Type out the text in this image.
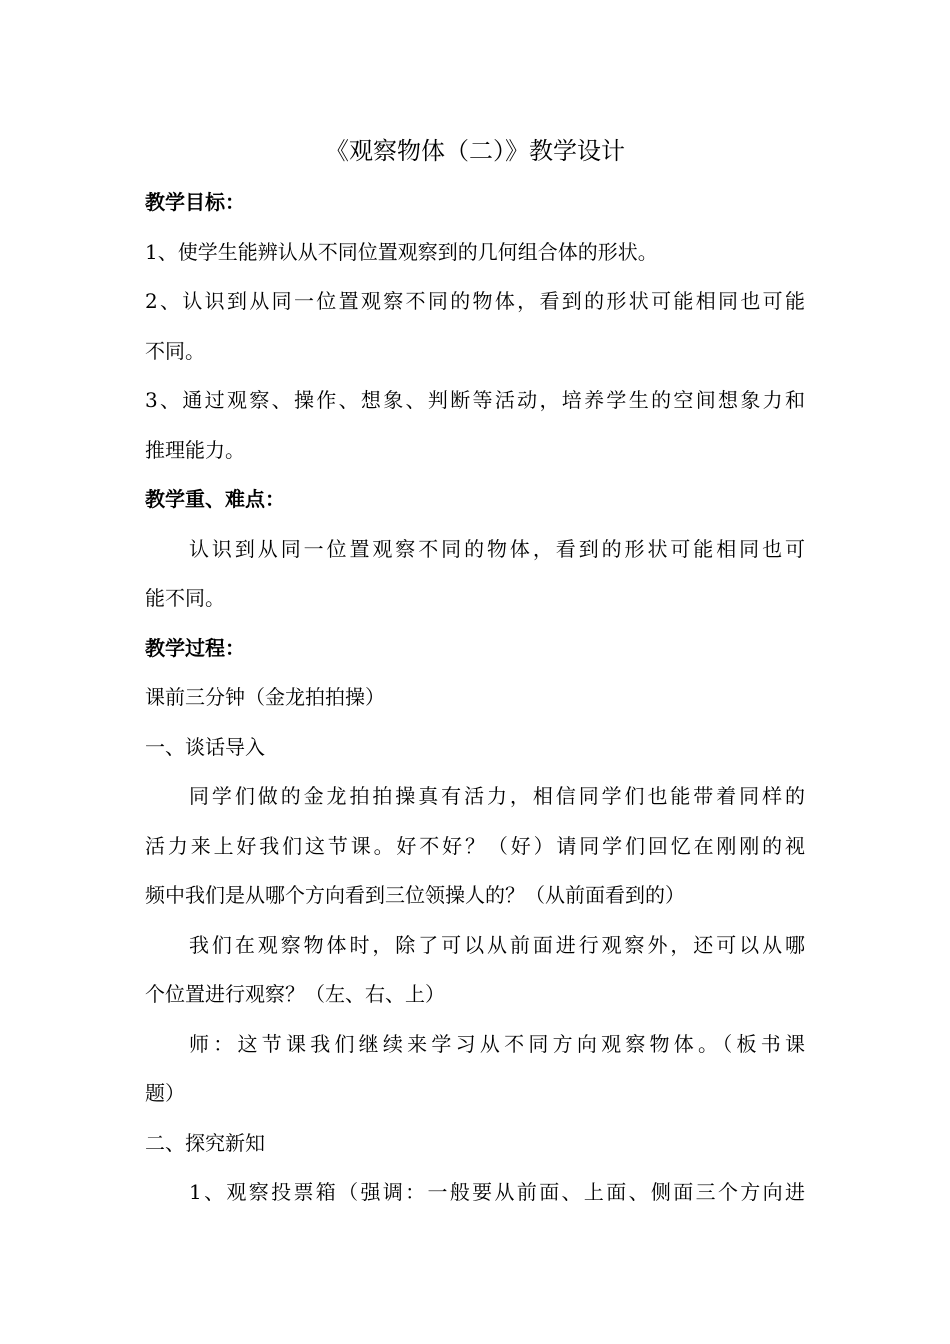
《观察物体（二）》教学设计
教学目标：
1、使学生能辨认从不同位置观察到的几何组合体的形状。
2、认识到从同一位置观察不同的物体，看到的形状可能相同也可能
不同。
3、通过观察、操作、想象、判断等活动，培养学生的空间想象力和
推理能力。
教学重、难点：
认识到从同一位置观察不同的物体，看到的形状可能相同也可
能不同。
教学过程：
课前三分钟（金龙拍拍操）
一、谈话导入
同学们做的金龙拍拍操真有活力，相信同学们也能带着同样的
活力来上好我们这节课。好不好？（好）请同学们回忆在刚刚的视
频中我们是从哪个方向看到三位领操人的？（从前面看到的）
我们在观察物体时，除了可以从前面进行观察外，还可以从哪
个位置进行观察？（左、右、上）
师：这节课我们继续来学习从不同方向观察物体。（板书课
题）
二、探究新知
1、观察投票箱（强调：一般要从前面、上面、侧面三个方向进
